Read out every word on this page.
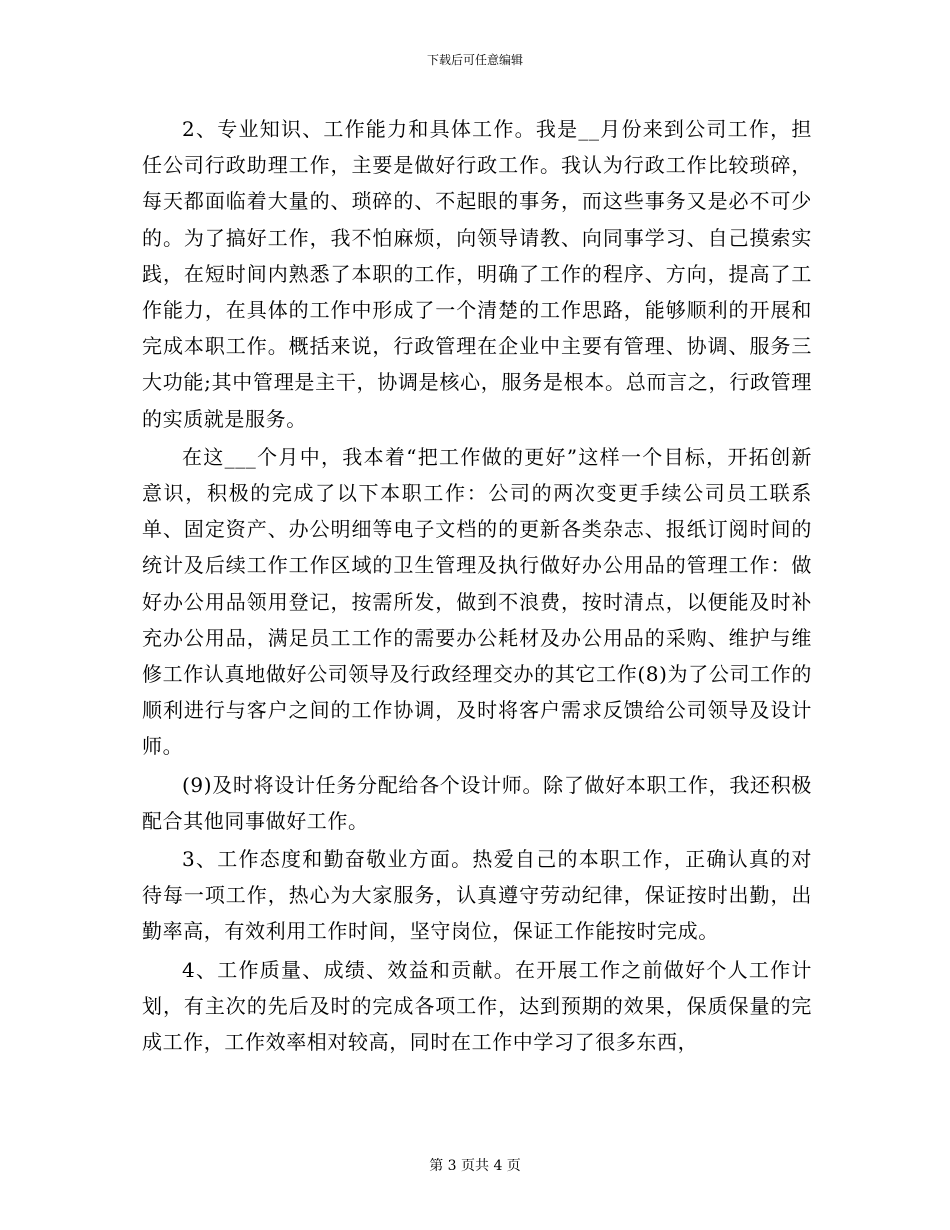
下载后可任意编辑

2、专业知识、工作能力和具体工作。我是__月份来到公司工作，担任公司行政助理工作，主要是做好行政工作。我认为行政工作比较琐碎，每天都面临着大量的、琐碎的、不起眼的事务，而这些事务又是必不可少的。为了搞好工作，我不怕麻烦，向领导请教、向同事学习、自己摸索实践，在短时间内熟悉了本职的工作，明确了工作的程序、方向，提高了工作能力，在具体的工作中形成了一个清楚的工作思路，能够顺利的开展和完成本职工作。概括来说，行政管理在企业中主要有管理、协调、服务三大功能;其中管理是主干，协调是核心，服务是根本。总而言之，行政管理的实质就是服务。

在这___个月中，我本着“把工作做的更好”这样一个目标，开拓创新意识，积极的完成了以下本职工作：公司的两次变更手续公司员工联系单、固定资产、办公明细等电子文档的的更新各类杂志、报纸订阅时间的统计及后续工作工作区域的卫生管理及执行做好办公用品的管理工作：做好办公用品领用登记，按需所发，做到不浪费，按时清点，以便能及时补充办公用品，满足员工工作的需要办公耗材及办公用品的采购、维护与维修工作认真地做好公司领导及行政经理交办的其它工作(8)为了公司工作的顺利进行与客户之间的工作协调，及时将客户需求反馈给公司领导及设计师。

(9)及时将设计任务分配给各个设计师。除了做好本职工作，我还积极配合其他同事做好工作。

3、工作态度和勤奋敬业方面。热爱自己的本职工作，正确认真的对待每一项工作，热心为大家服务，认真遵守劳动纪律，保证按时出勤，出勤率高，有效利用工作时间，坚守岗位，保证工作能按时完成。

4、工作质量、成绩、效益和贡献。在开展工作之前做好个人工作计划，有主次的先后及时的完成各项工作，达到预期的效果，保质保量的完成工作，工作效率相对较高，同时在工作中学习了很多东西，

第 3 页共 4 页
